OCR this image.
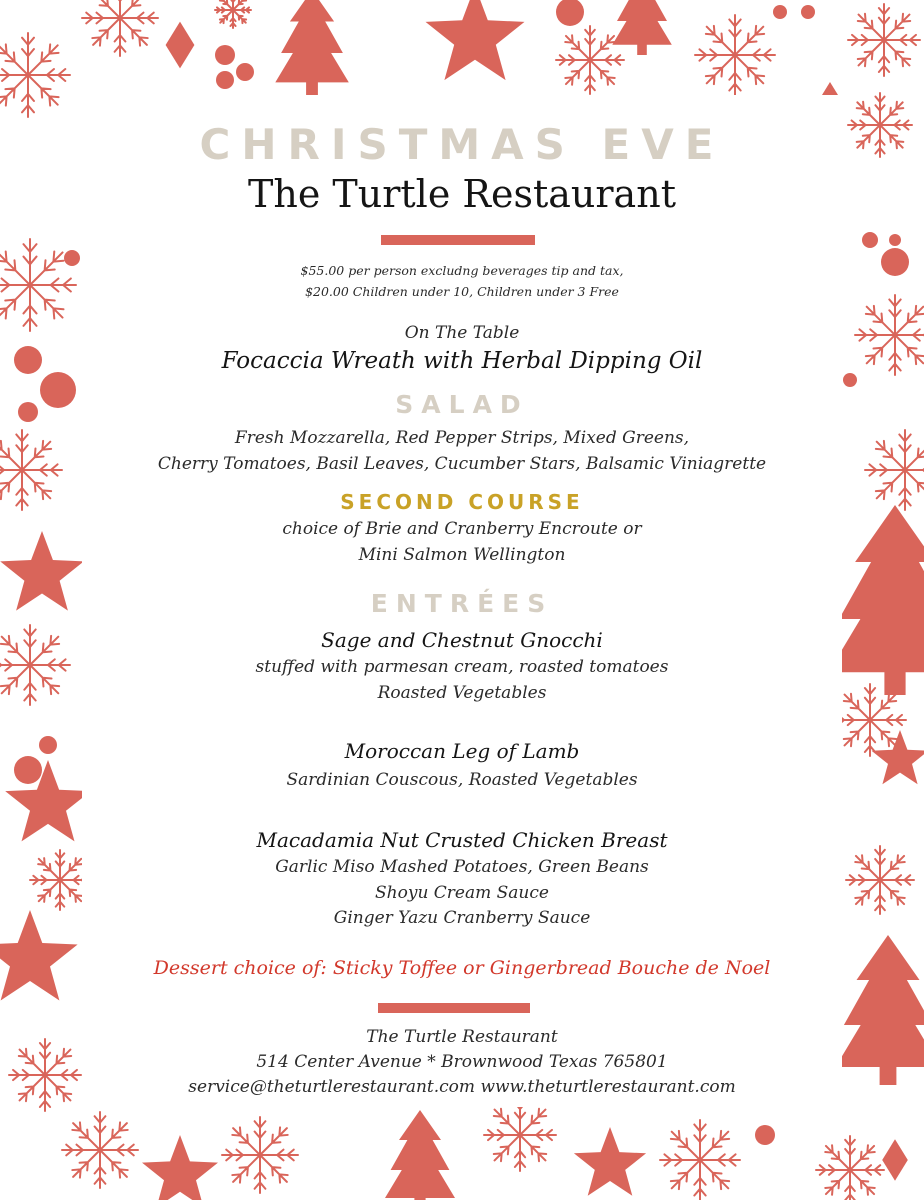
CHRISTMAS EVE
The Turtle Restaurant
$55.00 per person excludng beverages tip and tax,
$20.00 Children under 10, Children under 3 Free
On The Table
Focaccia Wreath with Herbal Dipping Oil
SALAD
Fresh Mozzarella, Red Pepper Strips, Mixed Greens,
Cherry Tomatoes, Basil Leaves, Cucumber Stars, Balsamic Viniagrette
SECOND COURSE
choice of Brie and Cranberry Encroute or
Mini Salmon Wellington
ENTRÉES
Sage and Chestnut Gnocchi
stuffed with parmesan cream, roasted tomatoes
Roasted Vegetables
Moroccan Leg of Lamb
Sardinian Couscous, Roasted Vegetables
Macadamia Nut Crusted Chicken Breast
Garlic Miso Mashed Potatoes, Green Beans
Shoyu Cream Sauce
Ginger Yazu Cranberry Sauce
Dessert choice of: Sticky Toffee or Gingerbread Bouche de Noel
The Turtle Restaurant
514 Center Avenue * Brownwood Texas 765801
service@theturtlerestaurant.com www.theturtlerestaurant.com
